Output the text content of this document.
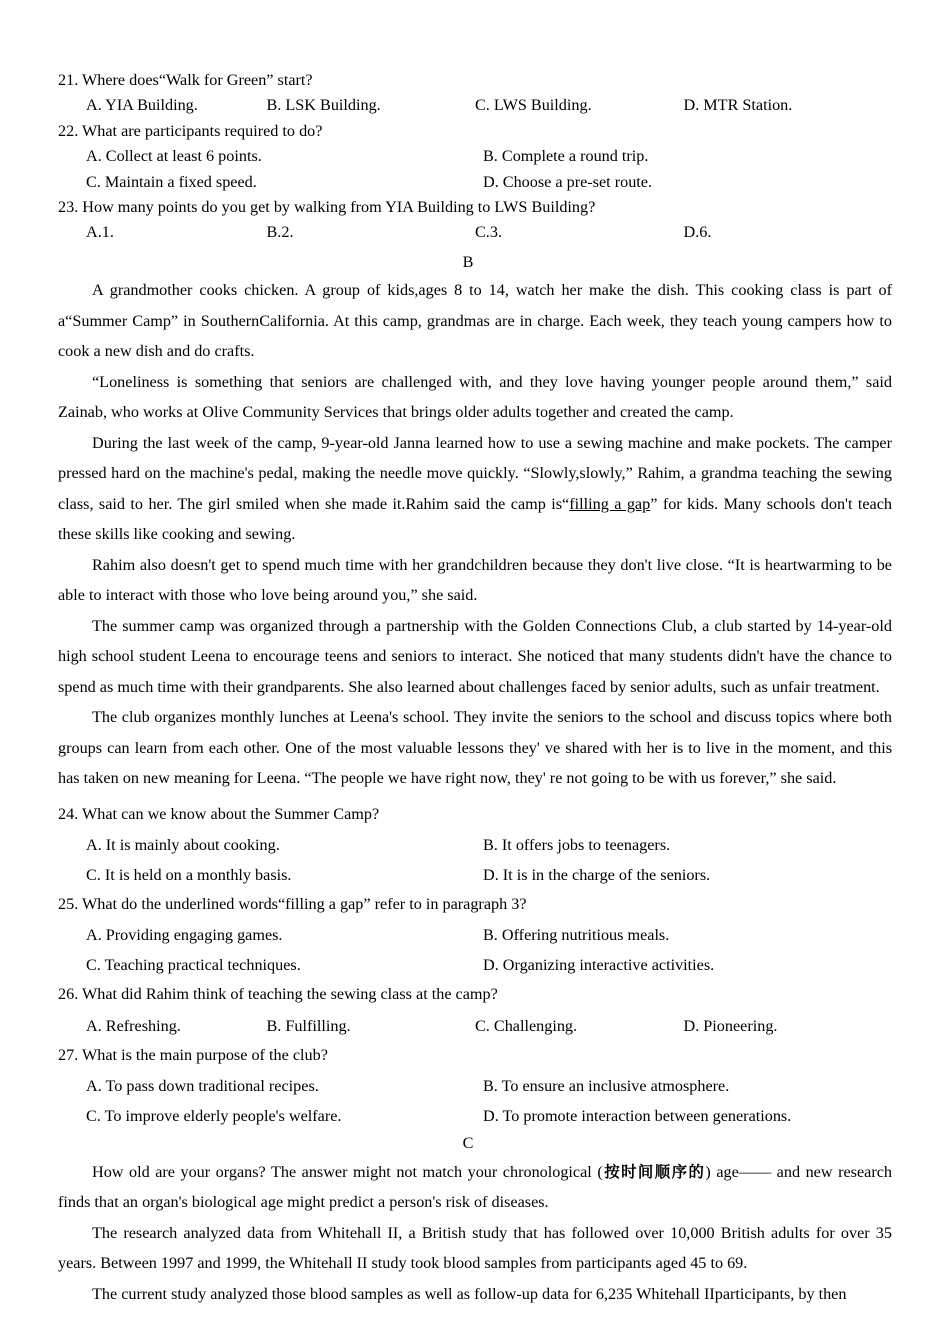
21. Where does“Walk for Green” start?

A. YIA Building.	B. LSK Building.	C. LWS Building.	D. MTR Station.

22. What are participants required to do?

A. Collect at least 6 points.	B. Complete a round trip.
C. Maintain a fixed speed.	D. Choose a pre-set route.

23. How many points do you get by walking from YIA Building to LWS Building?

A.1.	B.2.	C.3.	D.6.

B

A grandmother cooks chicken. A group of kids,ages 8 to 14, watch her make the dish. This cooking class is part of a“Summer Camp” in SouthernCalifornia. At this camp, grandmas are in charge. Each week, they teach young campers how to cook a new dish and do crafts.

“Loneliness is something that seniors are challenged with, and they love having younger people around them,” said Zainab, who works at Olive Community Services that brings older adults together and created the camp.

During the last week of the camp, 9-year-old Janna learned how to use a sewing machine and make pockets. The camper pressed hard on the machine's pedal, making the needle move quickly. “Slowly,slowly,” Rahim, a grandma teaching the sewing class, said to her. The girl smiled when she made it.Rahim said the camp is“filling a gap” for kids. Many schools don't teach these skills like cooking and sewing.

Rahim also doesn't get to spend much time with her grandchildren because they don't live close. “It is heartwarming to be able to interact with those who love being around you,” she said.

The summer camp was organized through a partnership with the Golden Connections Club, a club started by 14-year-old high school student Leena to encourage teens and seniors to interact. She noticed that many students didn't have the chance to spend as much time with their grandparents. She also learned about challenges faced by senior adults, such as unfair treatment.

The club organizes monthly lunches at Leena's school. They invite the seniors to the school and discuss topics where both groups can learn from each other. One of the most valuable lessons they' ve shared with her is to live in the moment, and this has taken on new meaning for Leena. “The people we have right now, they' re not going to be with us forever,” she said.

24. What can we know about the Summer Camp?

A. It is mainly about cooking.	B. It offers jobs to teenagers.
C. It is held on a monthly basis.	D. It is in the charge of the seniors.

25. What do the underlined words“filling a gap” refer to in paragraph 3?

A. Providing engaging games.	B. Offering nutritious meals.
C. Teaching practical techniques.	D. Organizing interactive activities.

26. What did Rahim think of teaching the sewing class at the camp?

A. Refreshing.	B. Fulfilling.	C. Challenging.	D. Pioneering.

27. What is the main purpose of the club?

A. To pass down traditional recipes.	B. To ensure an inclusive atmosphere.
C. To improve elderly people's welfare.	D. To promote interaction between generations.

C

How old are your organs? The answer might not match your chronological (按时间顺序的) age—— and new research finds that an organ's biological age might predict a person's risk of diseases.

The research analyzed data from Whitehall II, a British study that has followed over 10,000 British adults for over 35 years. Between 1997 and 1999, the Whitehall II study took blood samples from participants aged 45 to 69.

The current study analyzed those blood samples as well as follow-up data for 6,235 Whitehall IIparticipants, by then
